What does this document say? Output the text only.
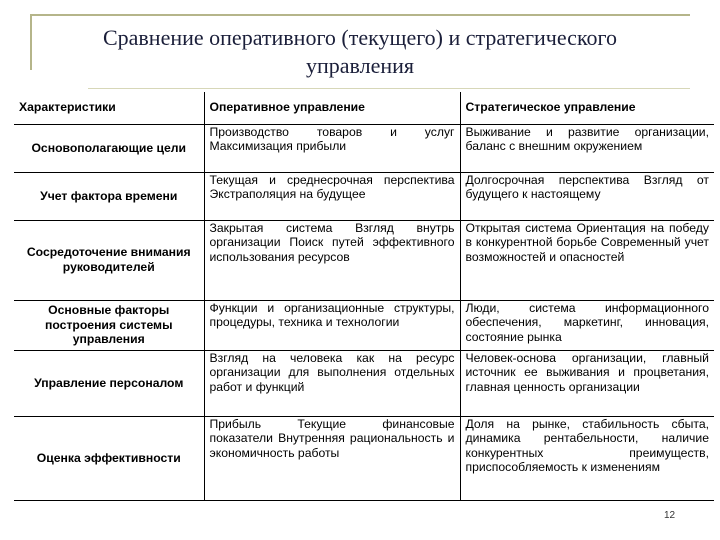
Сравнение оперативного (текущего) и стратегического
управления
Характеристики	Оперативное управление	Стратегическое управление
Основополагающие цели	Производство товаров и услуг Максимизация прибыли	Выживание и развитие организации, баланс с внешним окружением
Учет фактора времени	Текущая и среднесрочная перспектива Экстраполяция на будущее	Долгосрочная перспектива Взгляд от будущего к настоящему
Сосредоточение внимания руководителей	Закрытая система Взгляд внутрь организации Поиск путей эффективного использования ресурсов	Открытая система Ориентация на победу в конкурентной борьбе Современный учет возможностей и опасностей
Основные факторы построения системы управления	Функции и организационные структуры, процедуры, техника и технологии	Люди, система информационного обеспечения, маркетинг, инновация, состояние рынка
Управление персоналом	Взгляд на человека как на ресурс организации для выполнения отдельных работ и функций	Человек-основа организации, главный источник ее выживания и процветания, главная ценность организации
Оценка эффективности	Прибыль Текущие финансовые показатели Внутренняя рациональность и экономичность работы	Доля на рынке, стабильность сбыта, динамика рентабельности, наличие конкурентных преимуществ, приспособляемость к изменениям
12
